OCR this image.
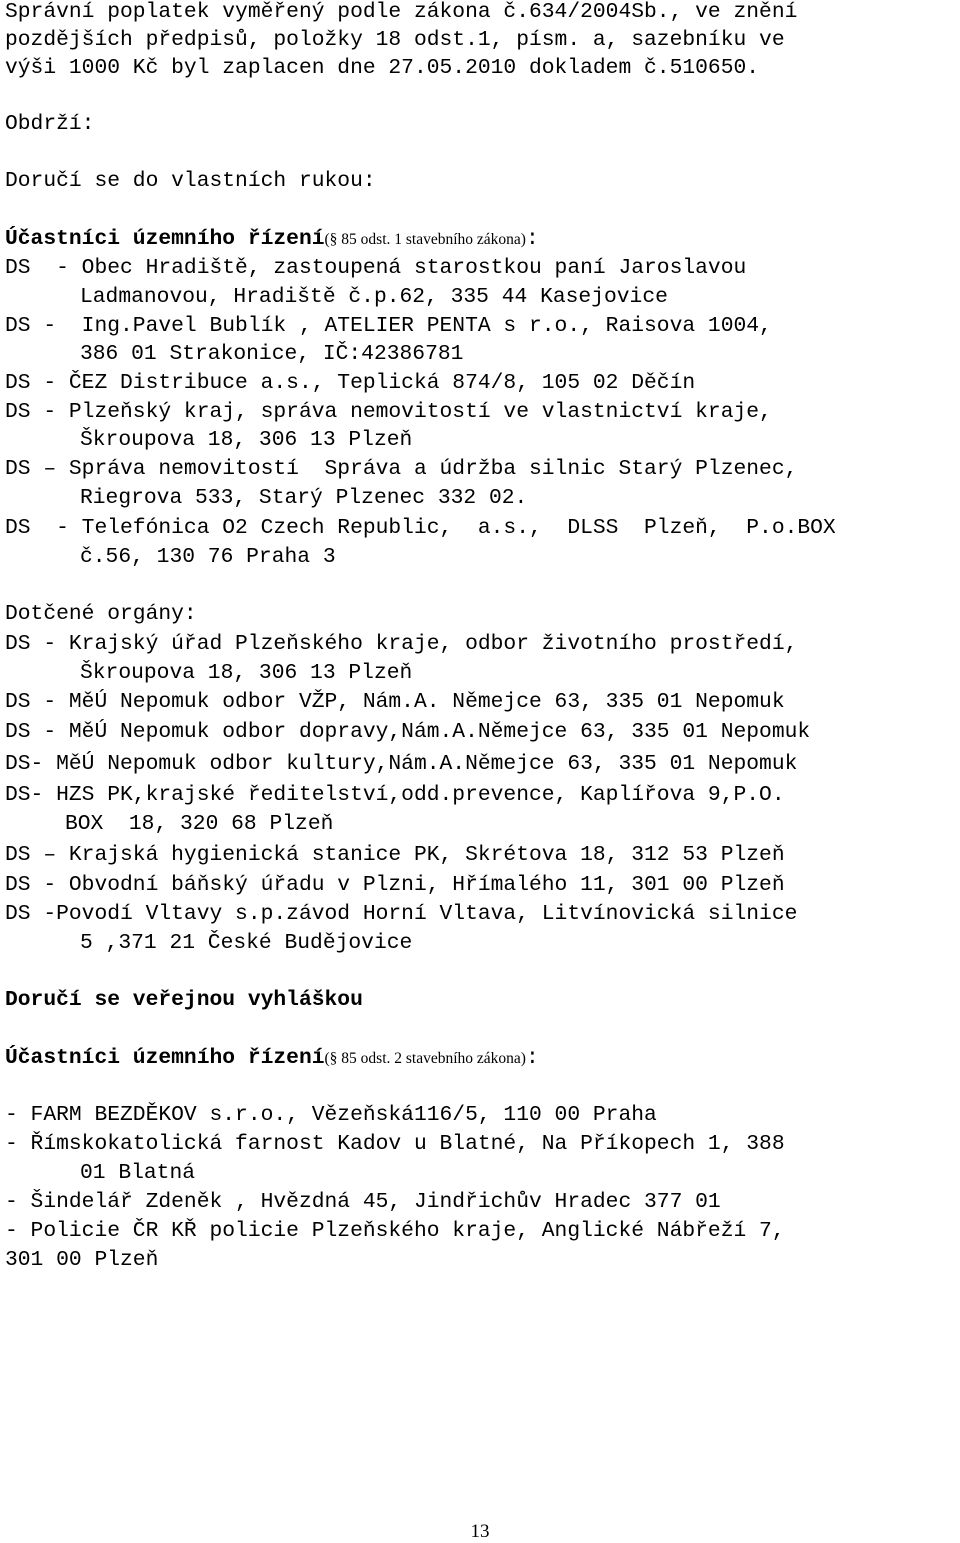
Správní poplatek vyměřený podle zákona č.634/2004Sb., ve znění
pozdějších předpisů, položky 18 odst.1, písm. a, sazebníku ve
výši 1000 Kč byl zaplacen dne 27.05.2010 dokladem č.510650.
Obdrží:
Doručí se do vlastních rukou:
Účastníci územního řízení(§ 85 odst. 1 stavebního zákona):
DS  - Obec Hradiště, zastoupená starostkou paní Jaroslavou
Ladmanovou, Hradiště č.p.62, 335 44 Kasejovice
DS -  Ing.Pavel Bublík , ATELIER PENTA s r.o., Raisova 1004,
386 01 Strakonice, IČ:42386781
DS - ČEZ Distribuce a.s., Teplická 874/8, 105 02 Děčín
DS - Plzeňský kraj, správa nemovitostí ve vlastnictví kraje,
Škroupova 18, 306 13 Plzeň
DS – Správa nemovitostí  Správa a údržba silnic Starý Plzenec,
Riegrova 533, Starý Plzenec 332 02.
DS  - Telefónica O2 Czech Republic,  a.s.,  DLSS  Plzeň,  P.o.BOX
č.56, 130 76 Praha 3
Dotčené orgány:
DS - Krajský úřad Plzeňského kraje, odbor životního prostředí,
Škroupova 18, 306 13 Plzeň
DS - MěÚ Nepomuk odbor VŽP, Nám.A. Němejce 63, 335 01 Nepomuk
DS - MěÚ Nepomuk odbor dopravy,Nám.A.Němejce 63, 335 01 Nepomuk
DS- MěÚ Nepomuk odbor kultury,Nám.A.Němejce 63, 335 01 Nepomuk
DS- HZS PK,krajské ředitelství,odd.prevence, Kaplířova 9,P.O.
BOX  18, 320 68 Plzeň
DS – Krajská hygienická stanice PK, Skrétova 18, 312 53 Plzeň
DS - Obvodní báňský úřadu v Plzni, Hřímalého 11, 301 00 Plzeň
DS -Povodí Vltavy s.p.závod Horní Vltava, Litvínovická silnice
5 ,371 21 České Budějovice
Doručí se veřejnou vyhláškou
Účastníci územního řízení(§ 85 odst. 2 stavebního zákona):
- FARM BEZDĚKOV s.r.o., Vězeňská116/5, 110 00 Praha
- Římskokatolická farnost Kadov u Blatné, Na Příkopech 1, 388
01 Blatná
- Šindelář Zdeněk , Hvězdná 45, Jindřichův Hradec 377 01
- Policie ČR KŘ policie Plzeňského kraje, Anglické Nábřeží 7,
301 00 Plzeň
13
